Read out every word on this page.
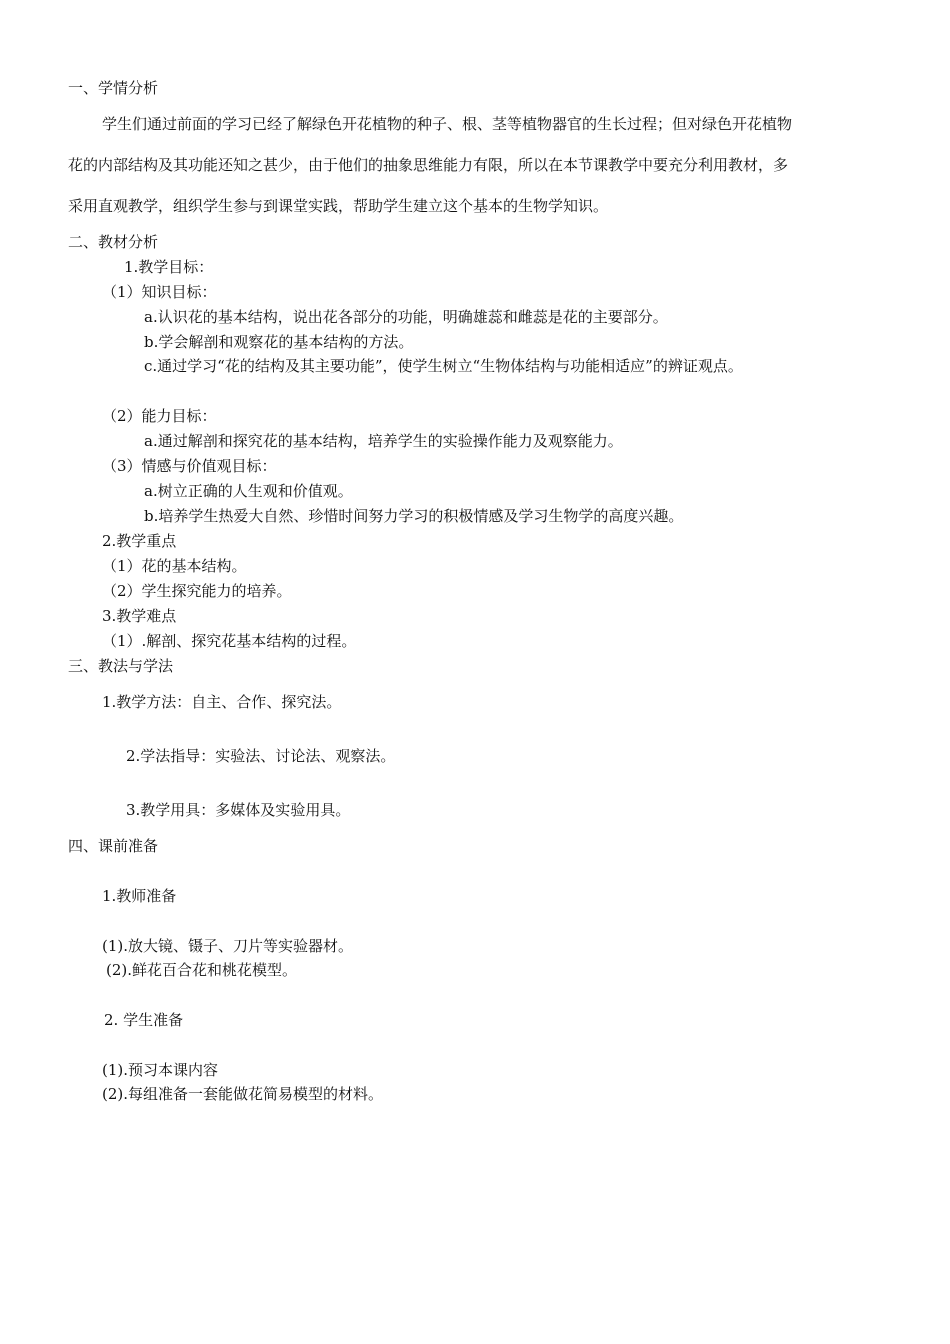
一、学情分析
学生们通过前面的学习已经了解绿色开花植物的种子、根、茎等植物器官的生长过程；但对绿色开花植物
花的内部结构及其功能还知之甚少，由于他们的抽象思维能力有限，所以在本节课教学中要充分利用教材，多
采用直观教学，组织学生参与到课堂实践，帮助学生建立这个基本的生物学知识。
二、教材分析
1.教学目标：
（1）知识目标：
a.认识花的基本结构，说出花各部分的功能，明确雄蕊和雌蕊是花的主要部分。
b.学会解剖和观察花的基本结构的方法。
c.通过学习“花的结构及其主要功能”，使学生树立“生物体结构与功能相适应”的辨证观点。
（2）能力目标：
a.通过解剖和探究花的基本结构，培养学生的实验操作能力及观察能力。
（3）情感与价值观目标：
a.树立正确的人生观和价值观。
b.培养学生热爱大自然、珍惜时间努力学习的积极情感及学习生物学的高度兴趣。
2.教学重点
（1）花的基本结构。
（2）学生探究能力的培养。
3.教学难点
（1）.解剖、探究花基本结构的过程。
三、教法与学法
1.教学方法：自主、合作、探究法。
2.学法指导：实验法、讨论法、观察法。
3.教学用具：多媒体及实验用具。
四、课前准备
1.教师准备
(1).放大镜、镊子、刀片等实验器材。
(2).鲜花百合花和桃花模型。
2. 学生准备
(1).预习本课内容
(2).每组准备一套能做花简易模型的材料。
